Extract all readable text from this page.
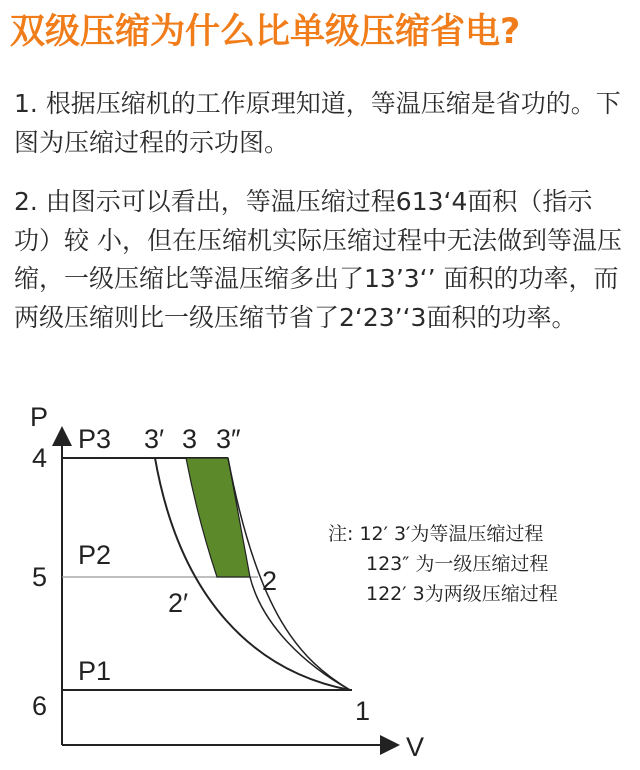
双级压缩为什么比单级压缩省电?
1. 根据压缩机的工作原理知道，等温压缩是省功的。下图为压缩过程的示功图。
2. 由图示可以看出，等温压缩过程613‘4面积（指示功）较 小，但在压缩机实际压缩过程中无法做到等温压缩，一级压缩比等温压缩多出了13’3‘’ 面积的功率，而两级压缩则比一级压缩节省了2‘23’‘3面积的功率。
P
V
4
5
6
P3
P2
P1
3′ 3 3″
2
2′
1
注: 12′ 3′为等温压缩过程
123″ 为一级压缩过程
122′ 3为两级压缩过程
